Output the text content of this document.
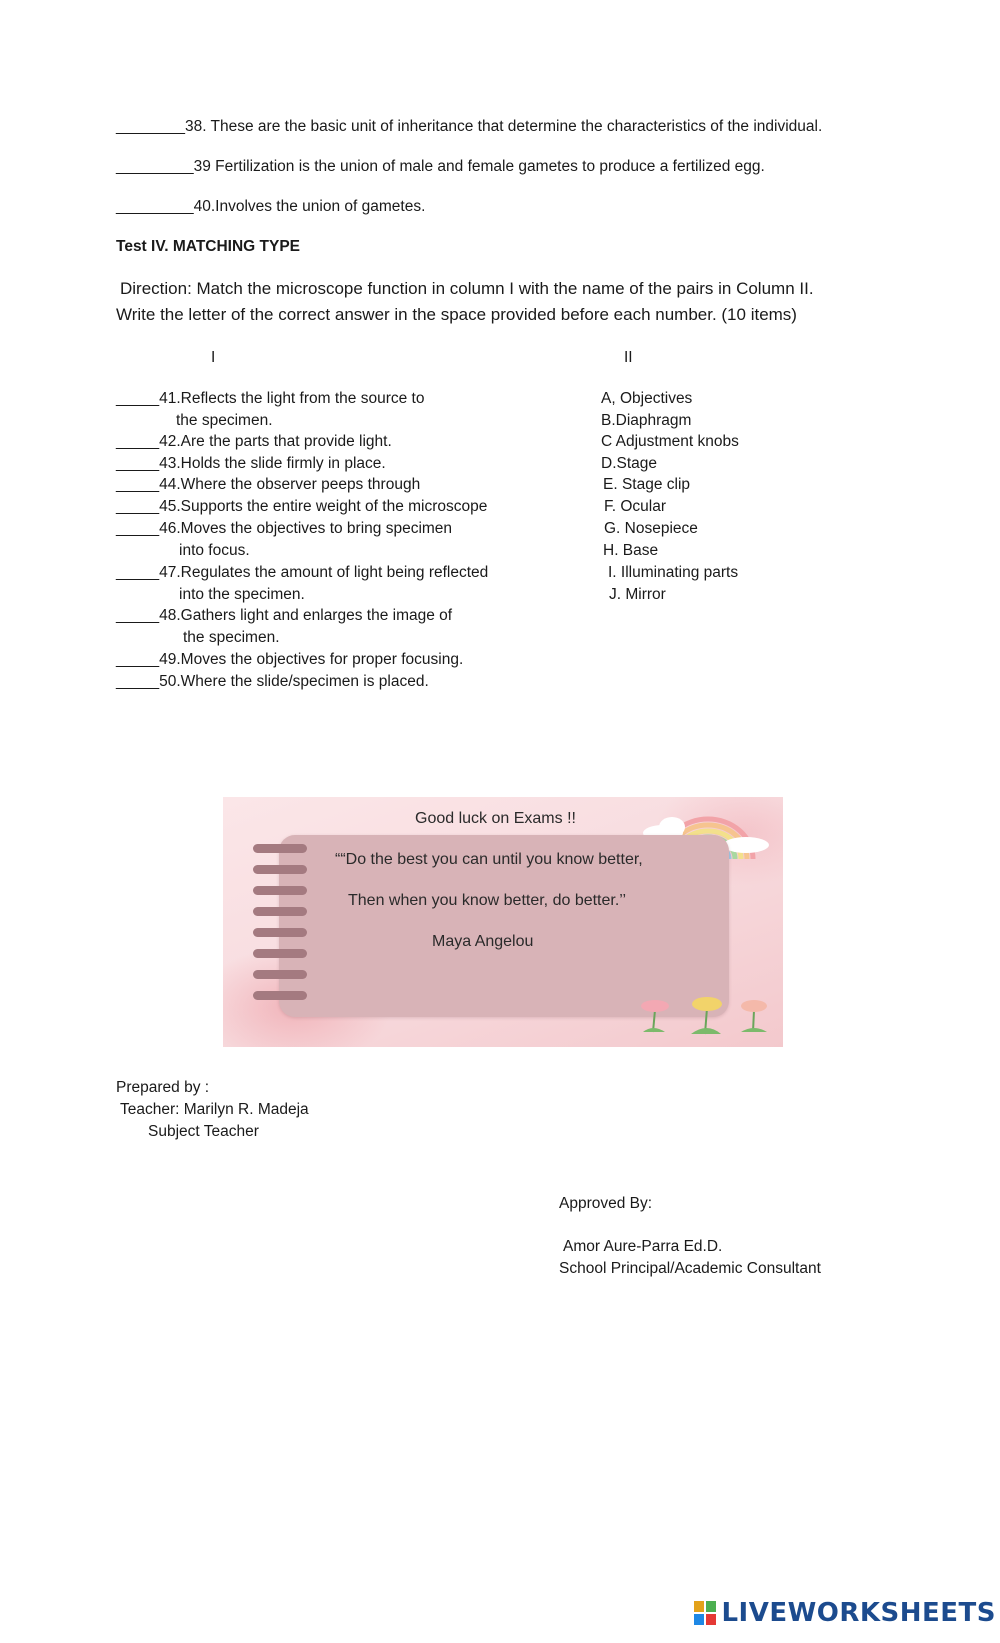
________38. These are the basic unit of inheritance that determine the characteristics of the individual.
_________39 Fertilization is the union of male and female gametes to produce a fertilized egg.
_________40.Involves the union of gametes.
Test IV. MATCHING TYPE
Direction: Match the microscope function in column I with the name of the pairs in Column II.
Write the letter of the correct answer in the space provided before each number. (10 items)
I	II
_____41.Reflects the light from the source to
the specimen.
_____42.Are the parts that provide light.
_____43.Holds the slide firmly in place.
_____44.Where the observer peeps through
_____45.Supports the entire weight of the microscope
_____46.Moves the objectives to bring specimen
into focus.
_____47.Regulates the amount of light being reflected
into the specimen.
_____48.Gathers light and enlarges the image of
the specimen.
_____49.Moves the objectives for proper focusing.
_____50.Where the slide/specimen is placed.
A, Objectives
B.Diaphragm
C Adjustment knobs
D.Stage
E. Stage clip
F. Ocular
G. Nosepiece
H. Base
I. Illuminating parts
J. Mirror
Good luck on Exams !!
““Do the best you can until you know better,
Then when you know better, do better.’’
Maya Angelou
Prepared by :
Teacher: Marilyn R. Madeja
Subject Teacher
Approved By:
Amor Aure-Parra Ed.D.
School Principal/Academic Consultant
LIVEWORKSHEETS
